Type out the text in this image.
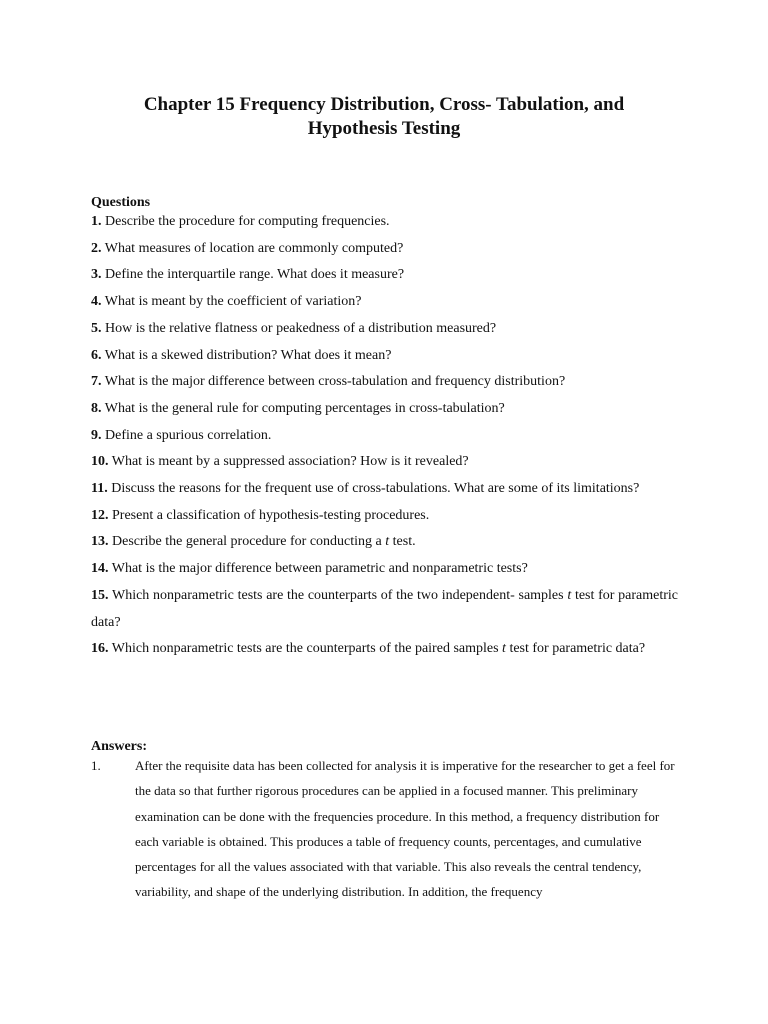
Chapter 15 Frequency Distribution, Cross- Tabulation, and
Hypothesis Testing
Questions
1. Describe the procedure for computing frequencies.
2. What measures of location are commonly computed?
3. Define the interquartile range. What does it measure?
4. What is meant by the coefficient of variation?
5. How is the relative flatness or peakedness of a distribution measured?
6. What is a skewed distribution? What does it mean?
7. What is the major difference between cross-tabulation and frequency distribution?
8. What is the general rule for computing percentages in cross-tabulation?
9. Define a spurious correlation.
10. What is meant by a suppressed association? How is it revealed?
11. Discuss the reasons for the frequent use of cross-tabulations. What are some of its limitations?
12. Present a classification of hypothesis-testing procedures.
13. Describe the general procedure for conducting a t test.
14. What is the major difference between parametric and nonparametric tests?
15. Which nonparametric tests are the counterparts of the two independent- samples t test for parametric data?
16. Which nonparametric tests are the counterparts of the paired samples t test for parametric data?
Answers:
1.	After the requisite data has been collected for analysis it is imperative for the researcher to get a feel for the data so that further rigorous procedures can be applied in a focused manner. This preliminary examination can be done with the frequencies procedure. In this method, a frequency distribution for each variable is obtained. This produces a table of frequency counts, percentages, and cumulative percentages for all the values associated with that variable. This also reveals the central tendency, variability, and shape of the underlying distribution. In addition, the frequency
